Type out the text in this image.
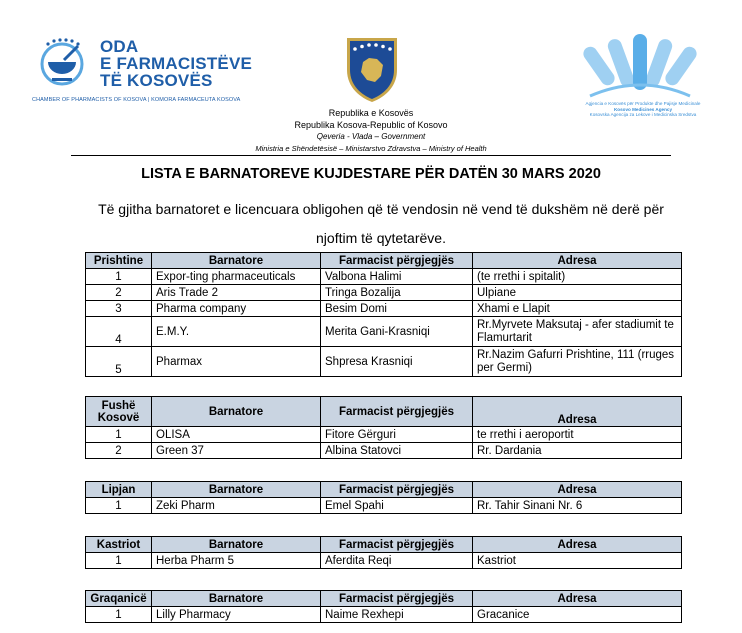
ODA
E FARMACISTËVE
TË KOSOVËS
CHAMBER OF PHARMACISTS OF KOSOVA | KOMORA FARMACEUTA KOSOVA
Republika e Kosovës
Republika Kosova-Republic of Kosovo
Qeveria - Vlada – Government
Ministria e Shëndetësisë – Ministarstvo Zdravstva – Ministry of Health
Agjencia e Kosovës për Produkte dhe Pajisje Medicinale
Kosovo Medicines Agency
Kosovska Agencija za Lekove i Medicinska Sredstva
LISTA E BARNATOREVE KUJDESTARE PËR DATËN 30 MARS 2020
Të gjitha barnatoret e licencuara obligohen që të vendosin në vend të dukshëm në derë për
njoftim të qytetarëve.
Prishtine	Barnatore	Farmacist përgjegjës	Adresa
1	Expor-ting pharmaceuticals	Valbona Halimi	(te rrethi i spitalit)
2	Aris Trade 2	Tringa Bozalija	Ulpiane
3	Pharma company	Besim Domi	Xhami e Llapit
4	E.M.Y.	Merita Gani-Krasniqi	Rr.Myrvete Maksutaj - afer stadiumit te Flamurtarit
5	Pharmax	Shpresa Krasniqi	Rr.Nazim Gafurri Prishtine, 111 (rruges per Germi)
Fushë Kosovë	Barnatore	Farmacist përgjegjës	Adresa
1	OLISA	Fitore Gërguri	te rrethi i aeroportit
2	Green 37	Albina Statovci	Rr. Dardania
Lipjan	Barnatore	Farmacist përgjegjës	Adresa
1	Zeki Pharm	Emel Spahi	Rr. Tahir Sinani Nr. 6
Kastriot	Barnatore	Farmacist përgjegjës	Adresa
1	Herba Pharm 5	Aferdita Reqi	Kastriot
Graqanicë	Barnatore	Farmacist përgjegjës	Adresa
1	Lilly Pharmacy	Naime Rexhepi	Gracanice
